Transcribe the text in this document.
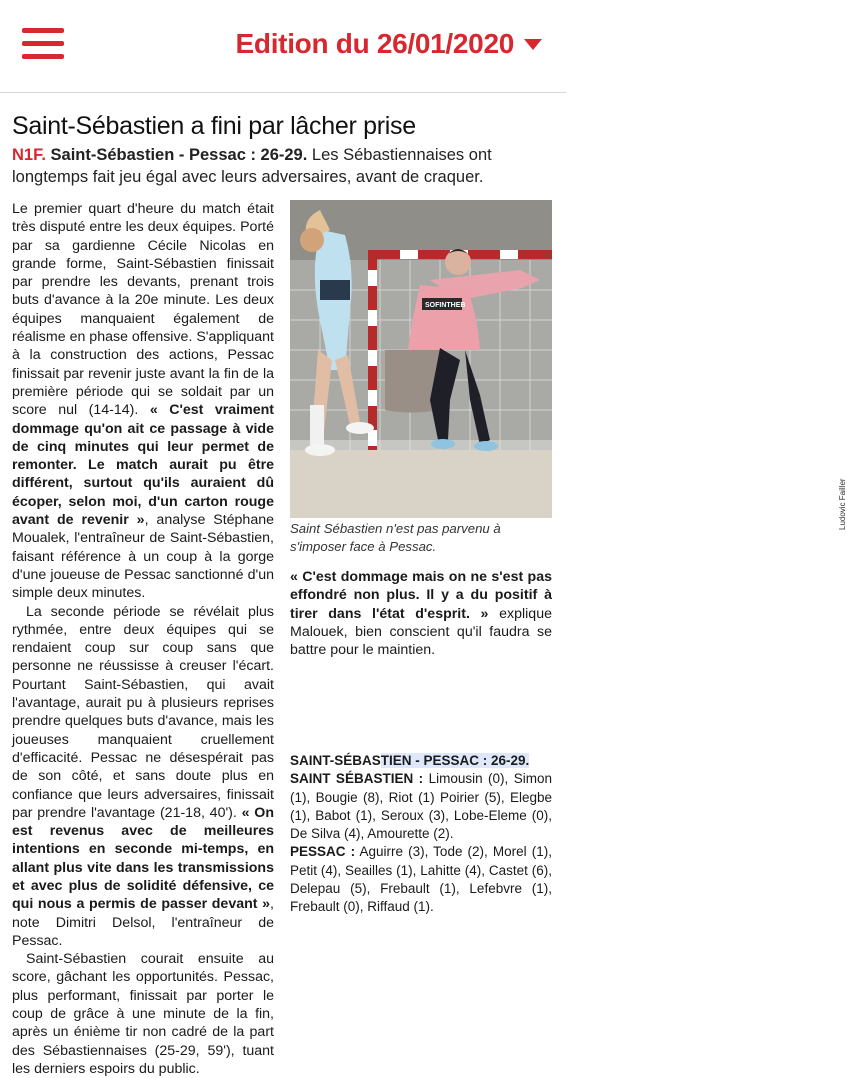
Edition du 26/01/2020
Saint-Sébastien a fini par lâcher prise
N1F. Saint-Sébastien - Pessac : 26-29. Les Sébastiennaises ont longtemps fait jeu égal avec leurs adversaires, avant de craquer.

Le premier quart d'heure du match était très disputé entre les deux équipes. Porté par sa gardienne Cécile Nicolas en grande forme, Saint-Sébastien finissait par prendre les devants, prenant trois buts d'avance à la 20e minute. Les deux équipes manquaient également de réalisme en phase offensive. S'appliquant à la construction des actions, Pessac finissait par revenir juste avant la fin de la première période qui se soldait par un score nul (14-14). « C'est vraiment dommage qu'on ait ce passage à vide de cinq minutes qui leur permet de remonter. Le match aurait pu être différent, surtout qu'ils auraient dû écoper, selon moi, d'un carton rouge avant de revenir », analyse Stéphane Moualek, l'entraîneur de Saint-Sébastien, faisant référence à un coup à la gorge d'une joueuse de Pessac sanctionné d'un simple deux minutes.

La seconde période se révélait plus rythmée, entre deux équipes qui se rendaient coup sur coup sans que personne ne réussisse à creuser l'écart. Pourtant Saint-Sébastien, qui avait l'avantage, aurait pu à plusieurs reprises prendre quelques buts d'avance, mais les joueuses manquaient cruellement d'efficacité. Pessac ne désespérait pas de son côté, et sans doute plus en confiance que leurs adversaires, finissait par prendre l'avantage (21-18, 40'). « On est revenus avec de meilleures intentions en seconde mi-temps, en allant plus vite dans les transmissions et avec plus de solidité défensive, ce qui nous a permis de passer devant », note Dimitri Delsol, l'entraîneur de Pessac.

Saint-Sébastien courait ensuite au score, gâchant les opportunités. Pessac, plus performant, finissait par porter le coup de grâce à une minute de la fin, après un énième tir non cadré de la part des Sébastiennaises (25-29, 59'), tuant les derniers espoirs du public.

SOFINTHEB
Ludovic Failler
Saint Sébastien n'est pas parvenu à s'imposer face à Pessac.

« C'est dommage mais on ne s'est pas effondré non plus. Il y a du positif à tirer dans l'état d'esprit. » explique Malouek, bien conscient qu'il faudra se battre pour le maintien.

SAINT-SÉBASTIEN - PESSAC : 26-29.
SAINT SÉBASTIEN : Limousin (0), Simon (1), Bougie (8), Riot (1) Poirier (5), Elegbe (1), Babot (1), Seroux (3), Lobe-Eleme (0), De Silva (4), Amourette (2).
PESSAC : Aguirre (3), Tode (2), Morel (1), Petit (4), Seailles (1), Lahitte (4), Castet (6), Delepau (5), Frebault (1), Lefebvre (1), Frebault (0), Riffaud (1).
